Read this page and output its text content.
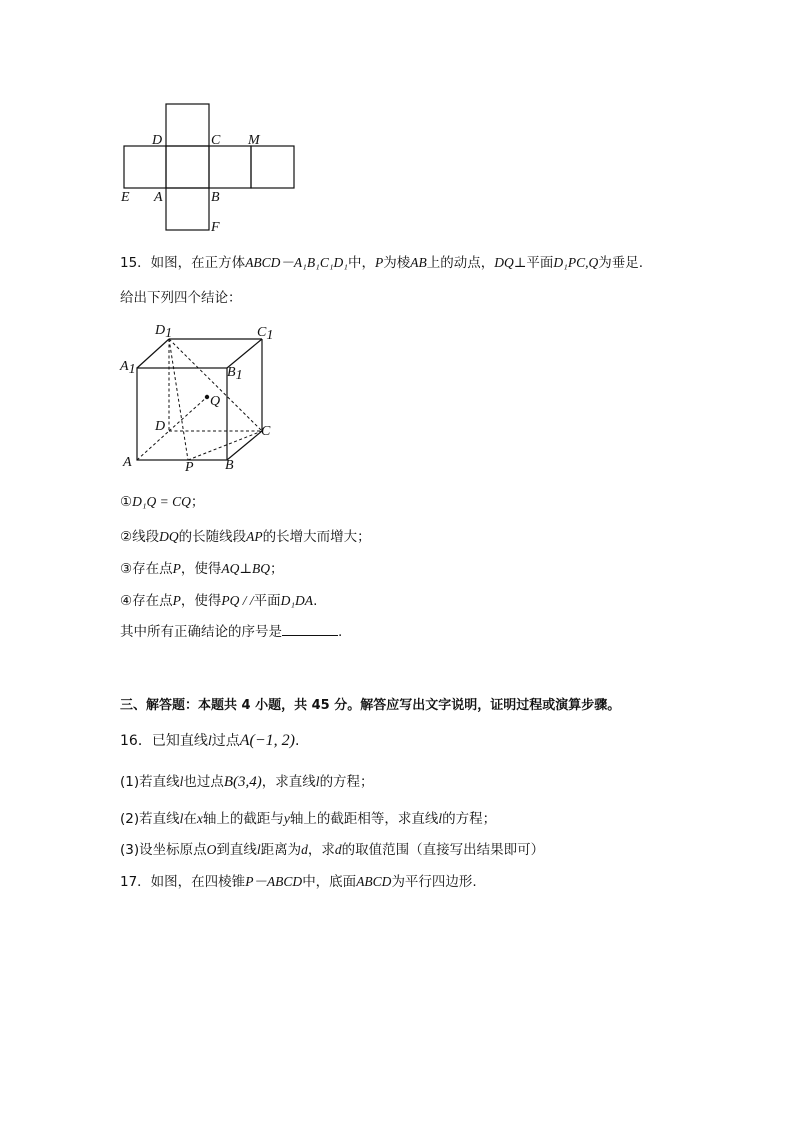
D	C M
E A	B
F
15．如图，在正方体ABCD－A₁B₁C₁D₁中，P为棱AB上的动点，DQ⊥平面D₁PC,Q为垂足.
给出下列四个结论：
D1	C1
A1	B1
Q
D	C
A	P B
①D₁Q = CQ；
②线段DQ的长随线段AP的长增大而增大；
③存在点P，使得AQ⊥BQ；
④存在点P，使得PQ / /平面D₁DA.
其中所有正确结论的序号是	.
三、解答题：本题共 4 小题，共 45 分。解答应写出文字说明，证明过程或演算步骤。
16．已知直线l过点A(−1, 2).
(1)若直线l也过点B(3,4)，求直线l的方程；
(2)若直线l在x轴上的截距与y轴上的截距相等，求直线l的方程；
(3)设坐标原点O到直线l距离为d，求d的取值范围（直接写出结果即可）
17．如图，在四棱锥P－ABCD中，底面ABCD为平行四边形.
